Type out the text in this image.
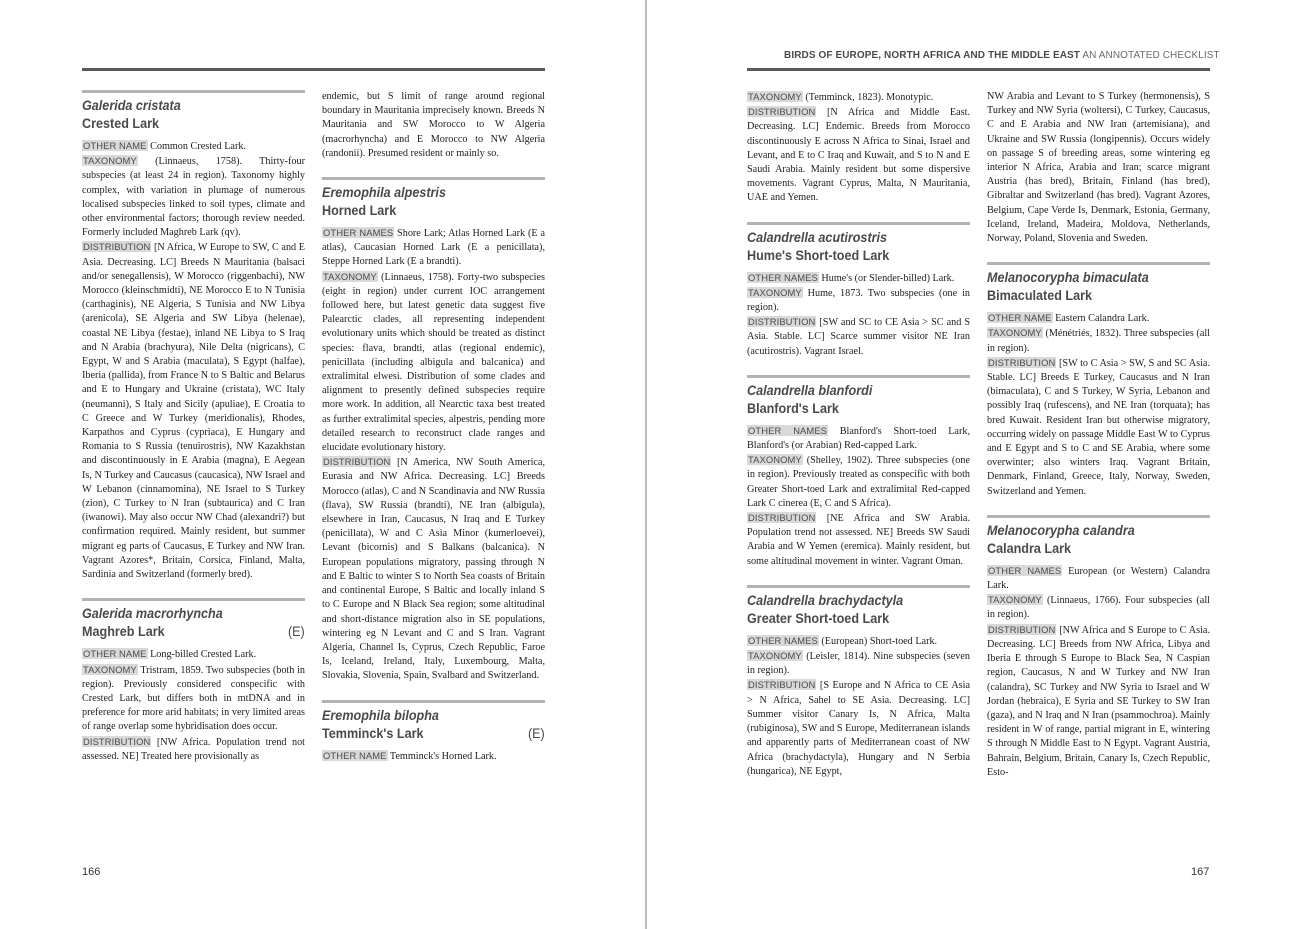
Galerida cristata
Crested Lark

OTHER NAME Common Crested Lark.

TAXONOMY (Linnaeus, 1758). Thirty-four subspecies (at least 24 in region). Taxonomy highly complex, with variation in plumage of numerous localised subspecies linked to soil types, climate and other environmental factors; thorough review needed. Formerly included Maghreb Lark (qv).

DISTRIBUTION [N Africa, W Europe to SW, C and E Asia. Decreasing. LC] Breeds N Mauritania (balsaci and/or senegallensis), W Morocco (riggenbachi), NW Morocco (kleinschmidti), NE Morocco E to N Tunisia (carthaginis), NE Algeria, S Tunisia and NW Libya (arenicola), SE Algeria and SW Libya (helenae), coastal NE Libya (festae), inland NE Libya to S Iraq and N Arabia (brachyura), Nile Delta (nigricans), C Egypt, W and S Arabia (maculata), S Egypt (halfae), Iberia (pallida), from France N to S Baltic and Belarus and E to Hungary and Ukraine (cristata), WC Italy (neumanni), S Italy and Sicily (apuliae), E Croatia to C Greece and W Turkey (meridionalis), Rhodes, Karpathos and Cyprus (cypriaca), E Hungary and Romania to S Russia (tenuirostris), NW Kazakhstan and discontinuously in E Arabia (magna), E Aegean Is, N Turkey and Caucasus (caucasica), NW Israel and W Lebanon (cinnamomina), NE Israel to S Turkey (zion), C Turkey to N Iran (subtaurica) and C Iran (iwanowi). May also occur NW Chad (alexandri?) but confirmation required. Mainly resident, but summer migrant eg parts of Caucasus, E Turkey and NW Iran. Vagrant Azores*, Britain, Corsica, Finland, Malta, Sardinia and Switzerland (formerly bred).

Galerida macrorhyncha
Maghreb Lark	(E)

OTHER NAME Long-billed Crested Lark.

TAXONOMY Tristram, 1859. Two subspecies (both in region). Previously considered conspecific with Crested Lark, but differs both in mtDNA and in preference for more arid habitats; in very limited areas of range overlap some hybridisation does occur.

DISTRIBUTION [NW Africa. Population trend not assessed. NE] Treated here provisionally as

endemic, but S limit of range around regional boundary in Mauritania imprecisely known. Breeds N Mauritania and SW Morocco to W Algeria (macrorhyncha) and E Morocco to NW Algeria (randonii). Presumed resident or mainly so.

Eremophila alpestris
Horned Lark

OTHER NAMES Shore Lark; Atlas Horned Lark (E a atlas), Caucasian Horned Lark (E a penicillata), Steppe Horned Lark (E a brandti).

TAXONOMY (Linnaeus, 1758). Forty-two subspecies (eight in region) under current IOC arrangement followed here, but latest genetic data suggest five Palearctic clades, all representing independent evolutionary units which should be treated as distinct species: flava, brandti, atlas (regional endemic), penicillata (including albigula and balcanica) and extralimital elwesi. Distribution of some clades and alignment to presently defined subspecies require more work. In addition, all Nearctic taxa best treated as further extralimital species, alpestris, pending more detailed research to reconstruct clade ranges and elucidate evolutionary history.

DISTRIBUTION [N America, NW South America, Eurasia and NW Africa. Decreasing. LC] Breeds Morocco (atlas), C and N Scandinavia and NW Russia (flava), SW Russia (brandti), NE Iran (albigula), elsewhere in Iran, Caucasus, N Iraq and E Turkey (penicillata), W and C Asia Minor (kumerloevei), Levant (bicornis) and S Balkans (balcanica). N European populations migratory, passing through N and E Baltic to winter S to North Sea coasts of Britain and continental Europe, S Baltic and locally inland S to C Europe and N Black Sea region; some altitudinal and short-distance migration also in SE populations, wintering eg N Levant and C and S Iran. Vagrant Algeria, Channel Is, Cyprus, Czech Republic, Faroe Is, Iceland, Ireland, Italy, Luxembourg, Malta, Slovakia, Slovenia, Spain, Svalbard and Switzerland.

Eremophila bilopha
Temminck's Lark	(E)

OTHER NAME Temminck's Horned Lark.

166
BIRDS OF EUROPE, NORTH AFRICA AND THE MIDDLE EAST AN ANNOTATED CHECKLIST

TAXONOMY (Temminck, 1823). Monotypic.

DISTRIBUTION [N Africa and Middle East. Decreasing. LC] Endemic. Breeds from Morocco discontinuously E across N Africa to Sinai, Israel and Levant, and E to C Iraq and Kuwait, and S to N and E Saudi Arabia. Mainly resident but some dispersive movements. Vagrant Cyprus, Malta, N Mauritania, UAE and Yemen.

Calandrella acutirostris
Hume's Short-toed Lark

OTHER NAMES Hume's (or Slender-billed) Lark.

TAXONOMY Hume, 1873. Two subspecies (one in region).

DISTRIBUTION [SW and SC to CE Asia > SC and S Asia. Stable. LC] Scarce summer visitor NE Iran (acutirostris). Vagrant Israel.

Calandrella blanfordi
Blanford's Lark

OTHER NAMES Blanford's Short-toed Lark, Blanford's (or Arabian) Red-capped Lark.

TAXONOMY (Shelley, 1902). Three subspecies (one in region). Previously treated as conspecific with both Greater Short-toed Lark and extralimital Red-capped Lark C cinerea (E, C and S Africa).

DISTRIBUTION [NE Africa and SW Arabia. Population trend not assessed. NE] Breeds SW Saudi Arabia and W Yemen (eremica). Mainly resident, but some altitudinal movement in winter. Vagrant Oman.

Calandrella brachydactyla
Greater Short-toed Lark

OTHER NAMES (European) Short-toed Lark.

TAXONOMY (Leisler, 1814). Nine subspecies (seven in region).

DISTRIBUTION [S Europe and N Africa to CE Asia > N Africa, Sahel to SE Asia. Decreasing. LC] Summer visitor Canary Is, N Africa, Malta (rubiginosa), SW and S Europe, Mediterranean islands and apparently parts of Mediterranean coast of NW Africa (brachydactyla), Hungary and N Serbia (hungarica), NE Egypt,

NW Arabia and Levant to S Turkey (hermonensis), S Turkey and NW Syria (woltersi), C Turkey, Caucasus, C and E Arabia and NW Iran (artemisiana), and Ukraine and SW Russia (longipennis). Occurs widely on passage S of breeding areas, some wintering eg interior N Africa, Arabia and Iran; scarce migrant Austria (has bred), Britain, Finland (has bred), Gibraltar and Switzerland (has bred). Vagrant Azores, Belgium, Cape Verde Is, Denmark, Estonia, Germany, Iceland, Ireland, Madeira, Moldova, Netherlands, Norway, Poland, Slovenia and Sweden.

Melanocorypha bimaculata
Bimaculated Lark

OTHER NAME Eastern Calandra Lark.

TAXONOMY (Ménétriés, 1832). Three subspecies (all in region).

DISTRIBUTION [SW to C Asia > SW, S and SC Asia. Stable. LC] Breeds E Turkey, Caucasus and N Iran (bimaculata), C and S Turkey, W Syria, Lebanon and possibly Iraq (rufescens), and NE Iran (torquata); has bred Kuwait. Resident Iran but otherwise migratory, occurring widely on passage Middle East W to Cyprus and E Egypt and S to C and SE Arabia, where some overwinter; also winters Iraq. Vagrant Britain, Denmark, Finland, Greece, Italy, Norway, Sweden, Switzerland and Yemen.

Melanocorypha calandra
Calandra Lark

OTHER NAMES European (or Western) Calandra Lark.

TAXONOMY (Linnaeus, 1766). Four subspecies (all in region).

DISTRIBUTION [NW Africa and S Europe to C Asia. Decreasing. LC] Breeds from NW Africa, Libya and Iberia E through S Europe to Black Sea, N Caspian region, Caucasus, N and W Turkey and NW Iran (calandra), SC Turkey and NW Syria to Israel and W Jordan (hebraica), E Syria and SE Turkey to SW Iran (gaza), and N Iraq and N Iran (psammochroa). Mainly resident in W of range, partial migrant in E, wintering S through N Middle East to N Egypt. Vagrant Austria, Bahrain, Belgium, Britain, Canary Is, Czech Republic, Esto-

167
